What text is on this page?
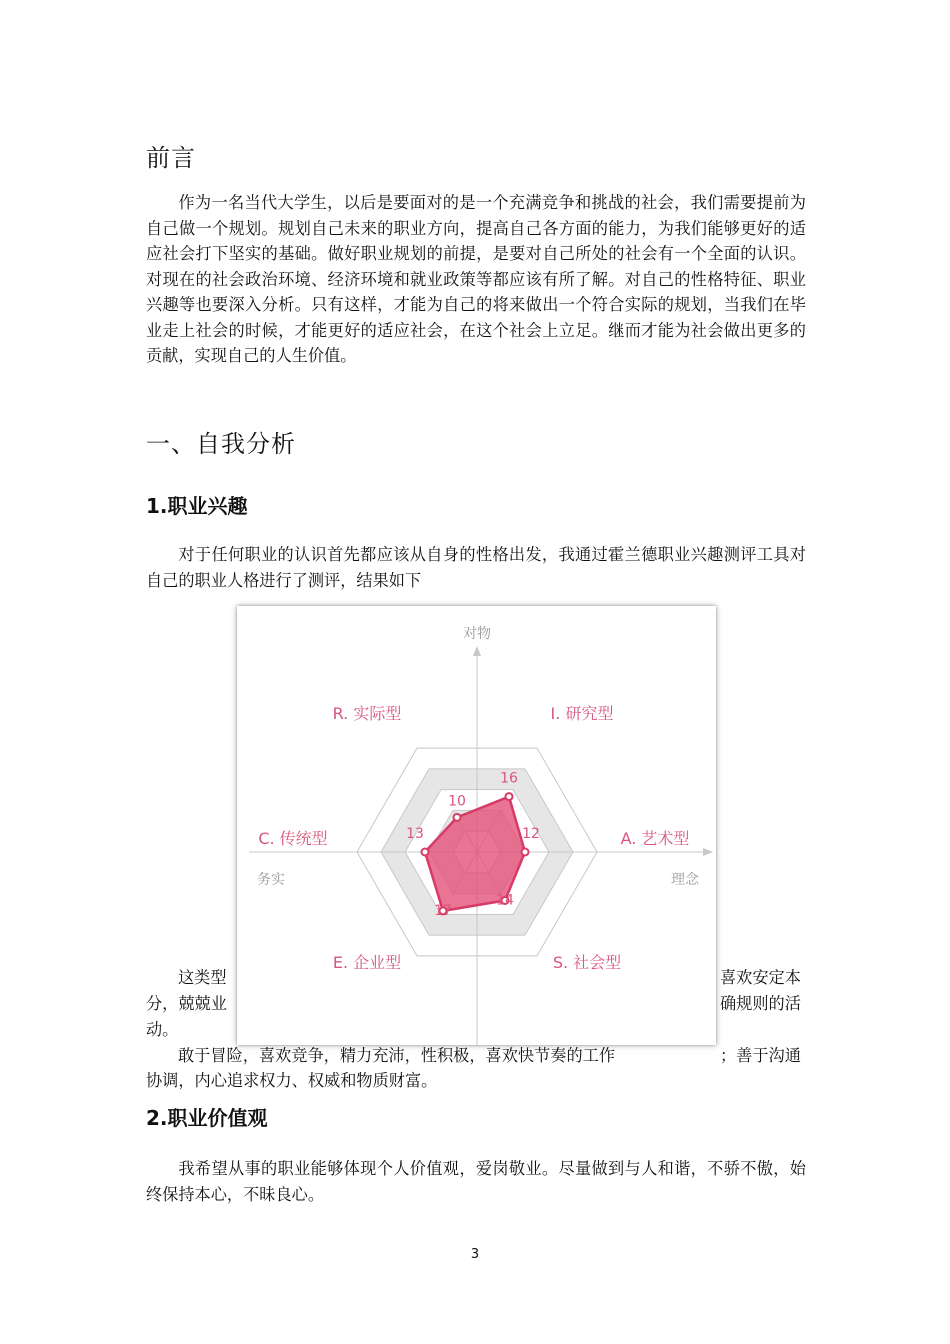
前言

作为一名当代大学生，以后是要面对的是一个充满竞争和挑战的社会，我们需要提前为自己做一个规划。规划自己未来的职业方向，提高自己各方面的能力，为我们能够更好的适应社会打下坚实的基础。做好职业规划的前提，是要对自己所处的社会有一个全面的认识。对现在的社会政治环境、经济环境和就业政策等都应该有所了解。对自己的性格特征、职业兴趣等也要深入分析。只有这样，才能为自己的将来做出一个符合实际的规划，当我们在毕业走上社会的时候，才能更好的适应社会，在这个社会上立足。继而才能为社会做出更多的贡献，实现自己的人生价值。

一、自我分析
1.职业兴趣

对于任何职业的认识首先都应该从自身的性格出发，我通过霍兰德职业兴趣测评工具对自己的职业人格进行了测评，结果如下

这类型	喜欢安定本
分，兢兢业	确规则的活
动。
敢于冒险，喜欢竞争，精力充沛，性积极，喜欢快节奏的工作	；善于沟通
协调，内心追求权力、权威和物质财富。
2.职业价值观

我希望从事的职业能够体现个人价值观，爱岗敬业。尽量做到与人和谐，不骄不傲，始终保持本心，不昧良心。

10
16
12
14
17
13
对物
务实	理念
R. 实际型	I. 研究型
A. 艺术型
S. 社会型
E. 企业型
C. 传统型
3
